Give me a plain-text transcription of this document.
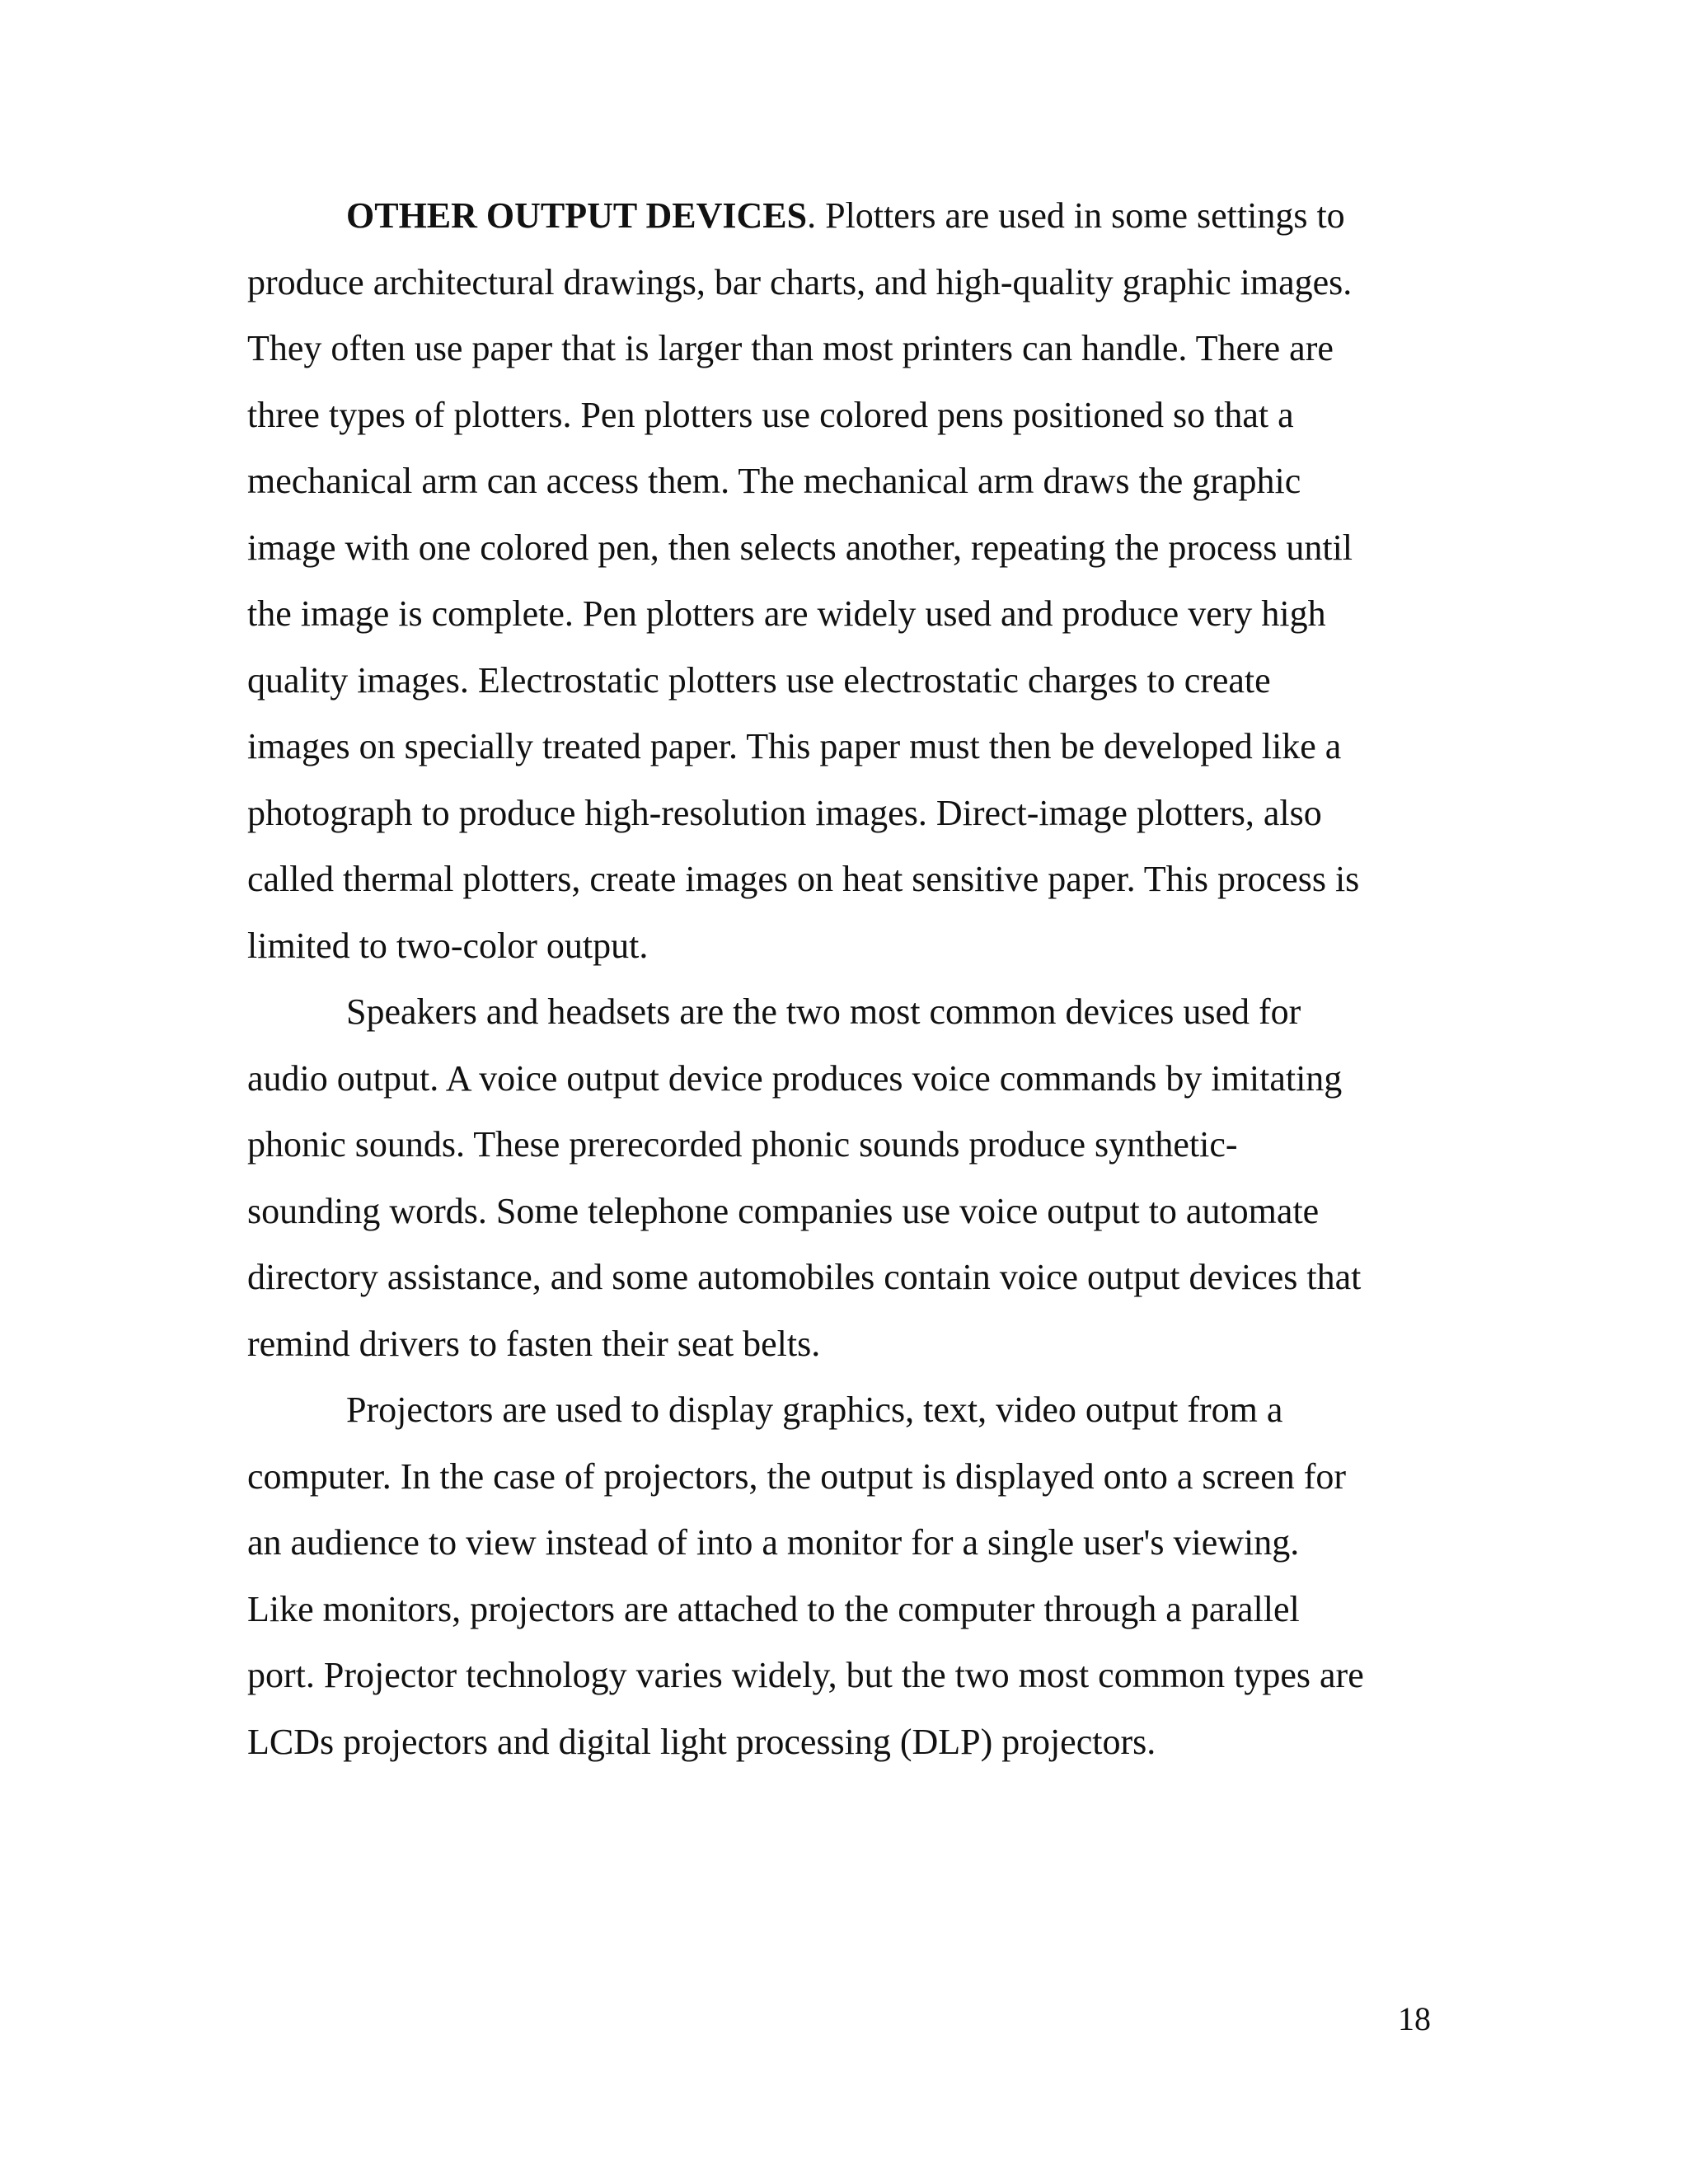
OTHER OUTPUT DEVICES. Plotters are used in some settings to
produce architectural drawings, bar charts, and high-quality graphic images.
They often use paper that is larger than most printers can handle. There are
three types of plotters. Pen plotters use colored pens positioned so that a
mechanical arm can access them. The mechanical arm draws the graphic
image with one colored pen, then selects another, repeating the process until
the image is complete. Pen plotters are widely used and produce very high
quality images. Electrostatic plotters use electrostatic charges to create
images on specially treated paper. This paper must then be developed like a
photograph to produce high-resolution images. Direct-image plotters, also
called thermal plotters, create images on heat sensitive paper. This process is
limited to two-color output.

Speakers and headsets are the two most common devices used for
audio output. A voice output device produces voice commands by imitating
phonic sounds. These prerecorded phonic sounds produce synthetic-
sounding words. Some telephone companies use voice output to automate
directory assistance, and some automobiles contain voice output devices that
remind drivers to fasten their seat belts.

Projectors are used to display graphics, text, video output from a
computer. In the case of projectors, the output is displayed onto a screen for
an audience to view instead of into a monitor for a single user's viewing.
Like monitors, projectors are attached to the computer through a parallel
port. Projector technology varies widely, but the two most common types are
LCDs projectors and digital light processing (DLP) projectors.

18
